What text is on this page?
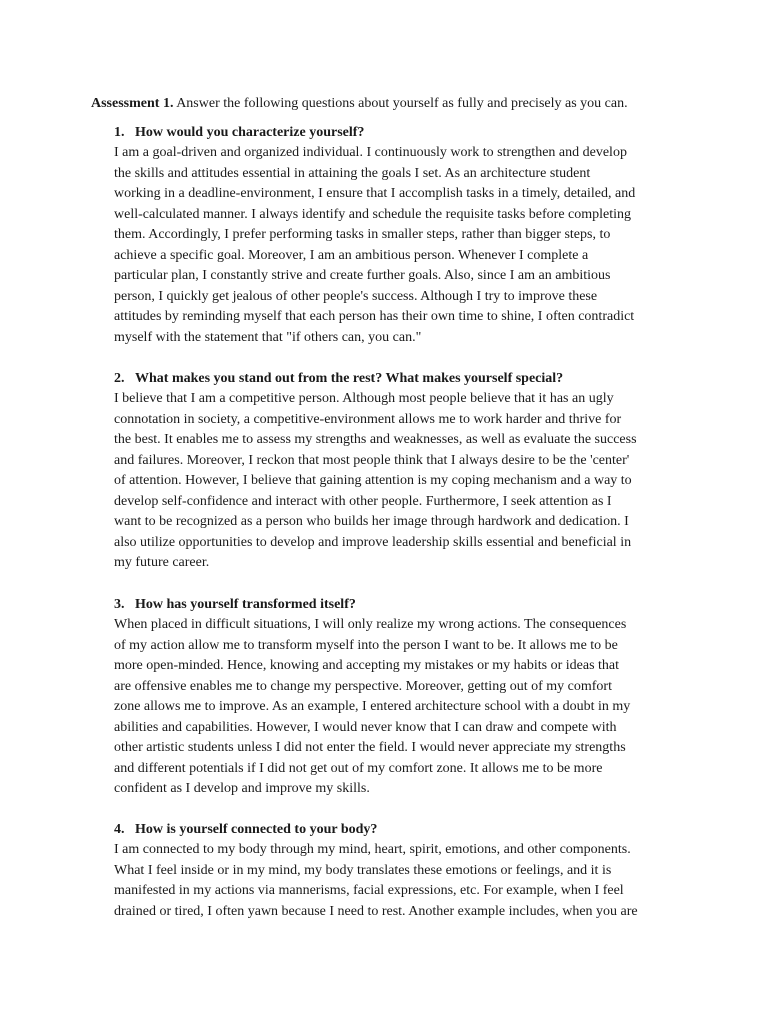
Assessment 1. Answer the following questions about yourself as fully and precisely as you can.
1. How would you characterize yourself?
I am a goal-driven and organized individual. I continuously work to strengthen and develop
the skills and attitudes essential in attaining the goals I set. As an architecture student
working in a deadline-environment, I ensure that I accomplish tasks in a timely, detailed, and
well-calculated manner. I always identify and schedule the requisite tasks before completing
them. Accordingly, I prefer performing tasks in smaller steps, rather than bigger steps, to
achieve a specific goal. Moreover, I am an ambitious person. Whenever I complete a
particular plan, I constantly strive and create further goals. Also, since I am an ambitious
person, I quickly get jealous of other people's success. Although I try to improve these
attitudes by reminding myself that each person has their own time to shine, I often contradict
myself with the statement that "if others can, you can."
2. What makes you stand out from the rest? What makes yourself special?
I believe that I am a competitive person. Although most people believe that it has an ugly
connotation in society, a competitive-environment allows me to work harder and thrive for
the best. It enables me to assess my strengths and weaknesses, as well as evaluate the success
and failures. Moreover, I reckon that most people think that I always desire to be the 'center'
of attention. However, I believe that gaining attention is my coping mechanism and a way to
develop self-confidence and interact with other people. Furthermore, I seek attention as I
want to be recognized as a person who builds her image through hardwork and dedication. I
also utilize opportunities to develop and improve leadership skills essential and beneficial in
my future career.
3. How has yourself transformed itself?
When placed in difficult situations, I will only realize my wrong actions. The consequences
of my action allow me to transform myself into the person I want to be. It allows me to be
more open-minded. Hence, knowing and accepting my mistakes or my habits or ideas that
are offensive enables me to change my perspective. Moreover, getting out of my comfort
zone allows me to improve. As an example, I entered architecture school with a doubt in my
abilities and capabilities. However, I would never know that I can draw and compete with
other artistic students unless I did not enter the field. I would never appreciate my strengths
and different potentials if I did not get out of my comfort zone. It allows me to be more
confident as I develop and improve my skills.
4. How is yourself connected to your body?
I am connected to my body through my mind, heart, spirit, emotions, and other components.
What I feel inside or in my mind, my body translates these emotions or feelings, and it is
manifested in my actions via mannerisms, facial expressions, etc. For example, when I feel
drained or tired, I often yawn because I need to rest. Another example includes, when you are
